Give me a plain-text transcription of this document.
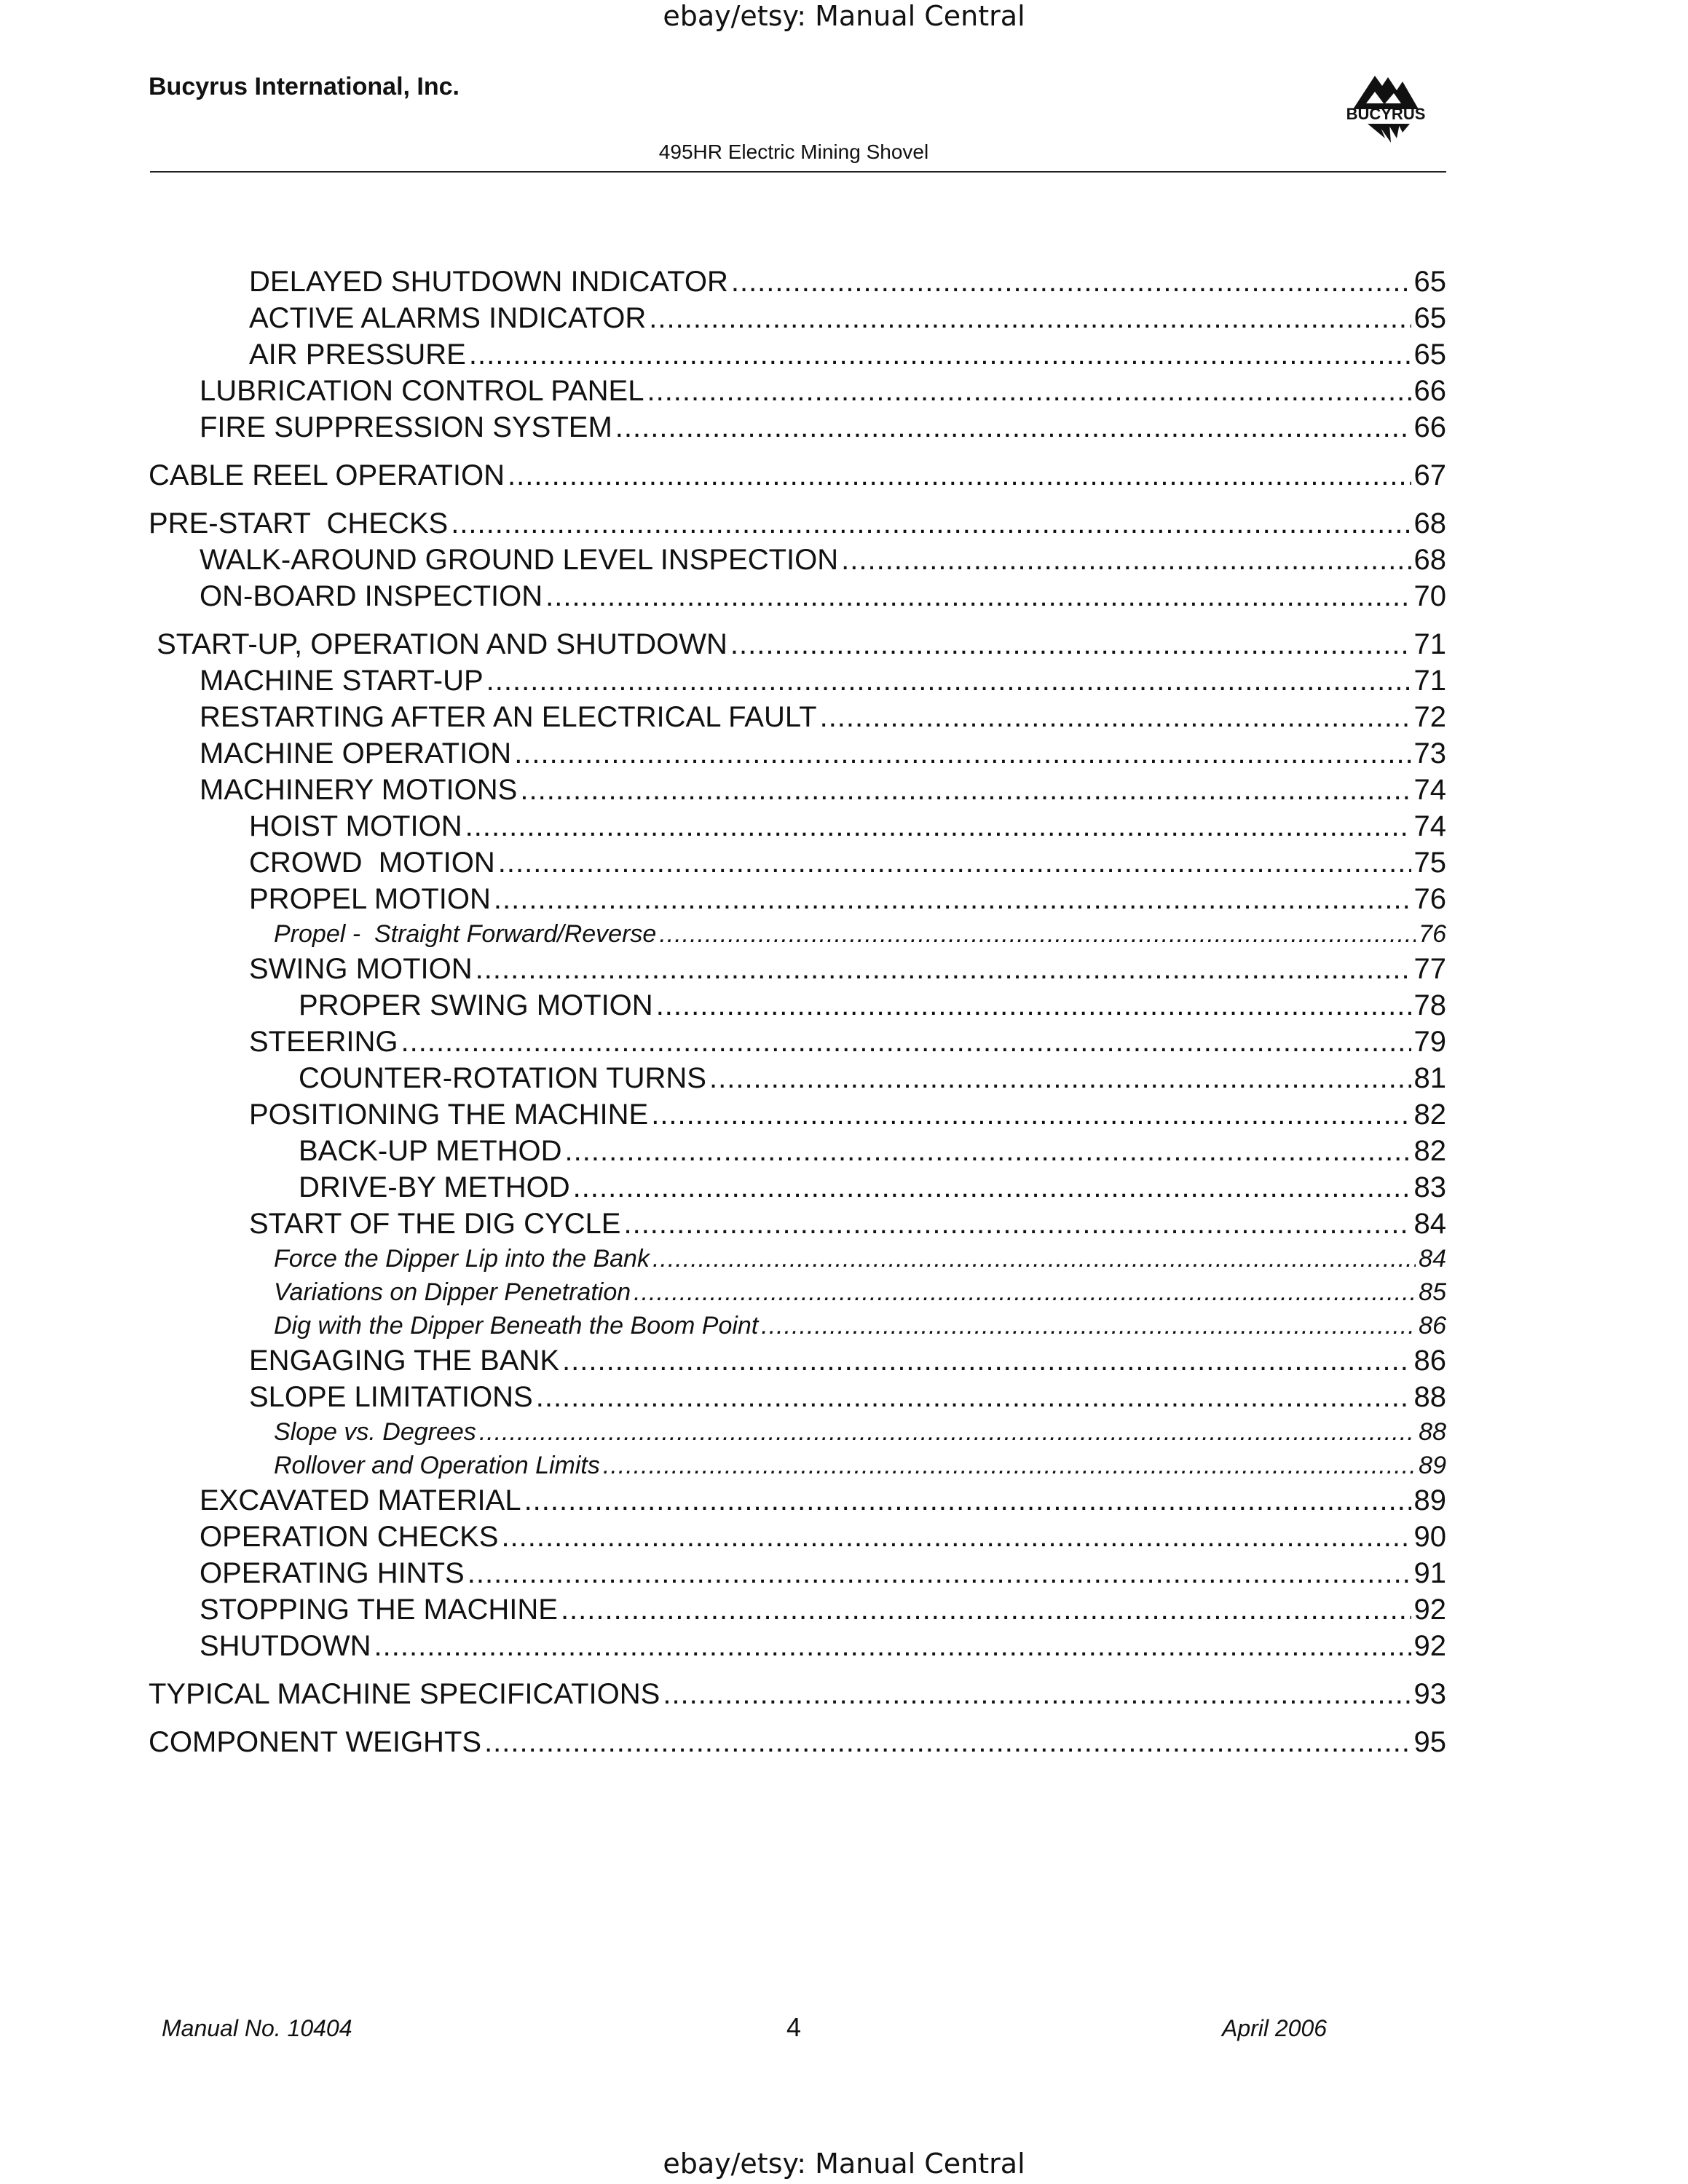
ebay/etsy: Manual Central
Bucyrus International, Inc.
BUCYRUS
495HR Electric Mining Shovel
DELAYED SHUTDOWN INDICATOR .....	65
ACTIVE ALARMS INDICATOR .....	65
AIR PRESSURE .....	65
LUBRICATION CONTROL PANEL .....	66
FIRE SUPPRESSION SYSTEM .....	66
CABLE REEL OPERATION .....	67
PRE-START  CHECKS .....	68
WALK-AROUND GROUND LEVEL INSPECTION .....	68
ON-BOARD INSPECTION .....	70
START-UP, OPERATION AND SHUTDOWN .....	71
MACHINE START-UP .....	71
RESTARTING AFTER AN ELECTRICAL FAULT .....	72
MACHINE OPERATION .....	73
MACHINERY MOTIONS .....	74
HOIST MOTION .....	74
CROWD  MOTION .....	75
PROPEL MOTION .....	76
Propel -  Straight Forward/Reverse .....	76
SWING MOTION .....	77
PROPER SWING MOTION .....	78
STEERING .....	79
COUNTER-ROTATION TURNS .....	81
POSITIONING THE MACHINE .....	82
BACK-UP METHOD .....	82
DRIVE-BY METHOD .....	83
START OF THE DIG CYCLE .....	84
Force the Dipper Lip into the Bank .....	84
Variations on Dipper Penetration .....	85
Dig with the Dipper Beneath the Boom Point .....	86
ENGAGING THE BANK .....	86
SLOPE LIMITATIONS .....	88
Slope vs. Degrees .....	88
Rollover and Operation Limits .....	89
EXCAVATED MATERIAL .....	89
OPERATION CHECKS .....	90
OPERATING HINTS .....	91
STOPPING THE MACHINE .....	92
SHUTDOWN .....	92
TYPICAL MACHINE SPECIFICATIONS .....	93
COMPONENT WEIGHTS .....	95
Manual No. 10404	4	April 2006
ebay/etsy: Manual Central
